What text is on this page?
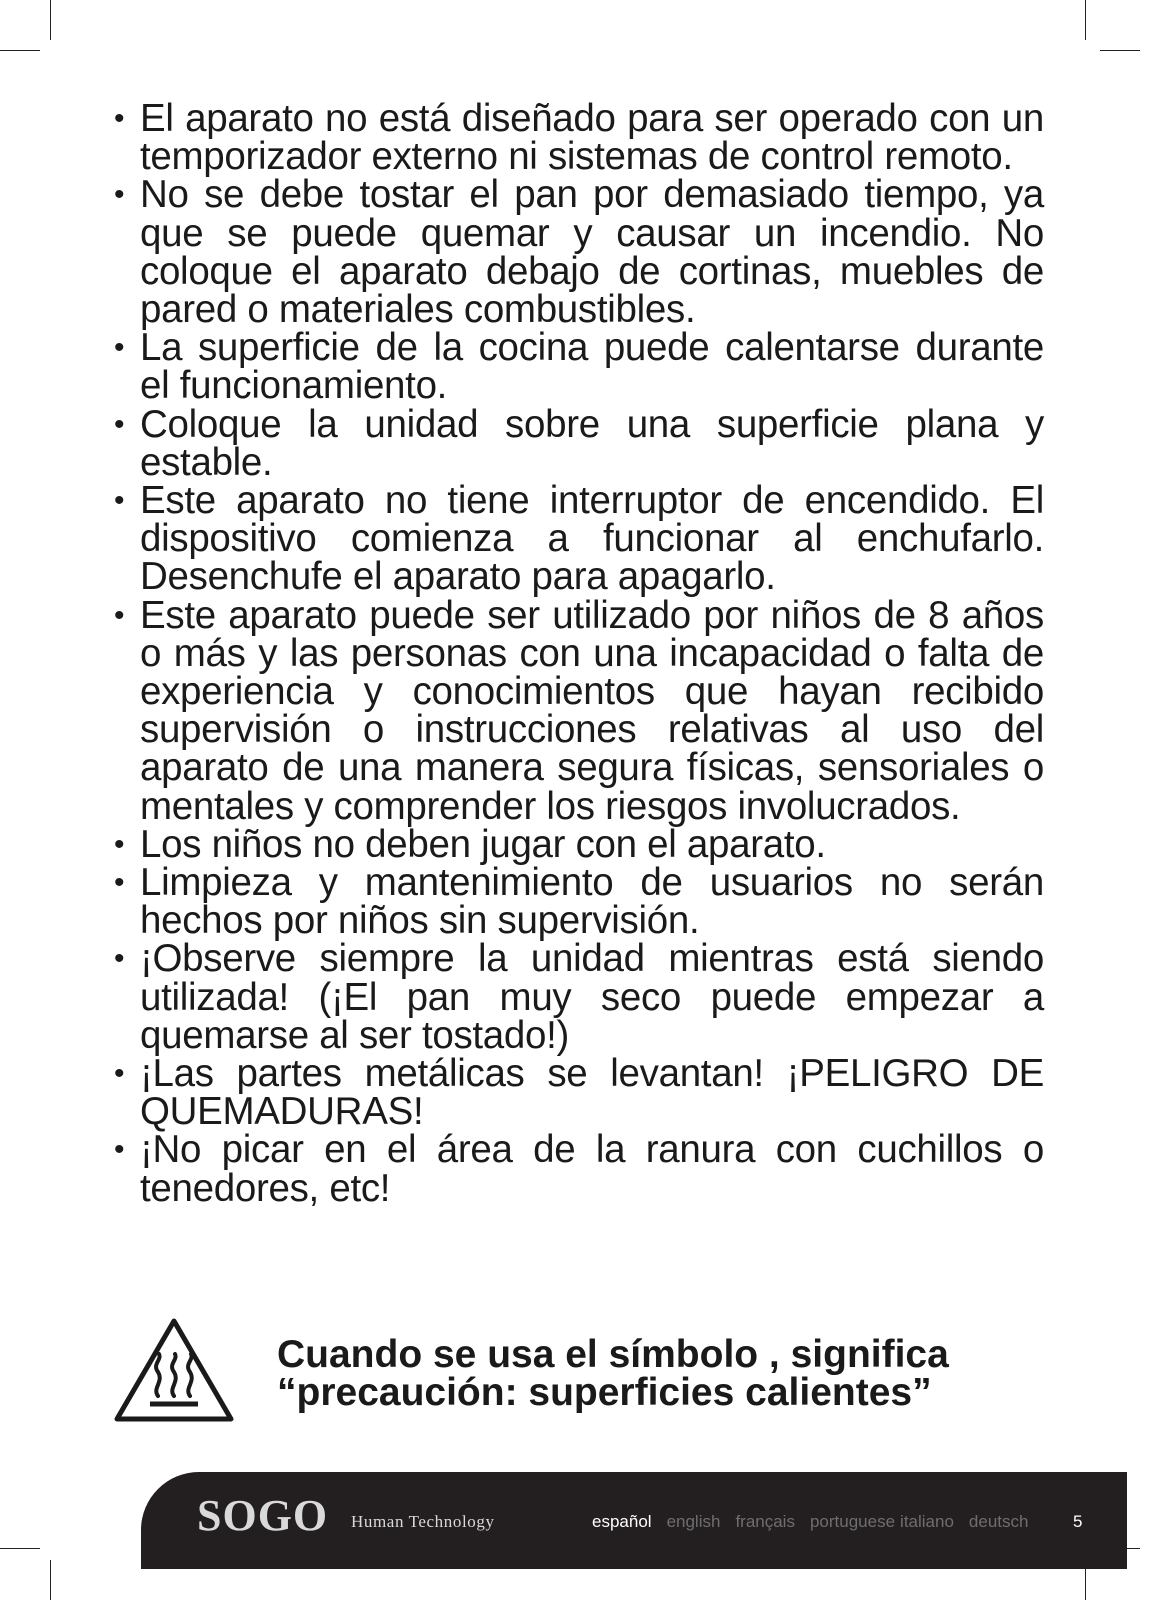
• El aparato no está diseñado para ser operado con un temporizador externo ni sistemas de control remoto.
• No se debe tostar el pan por demasiado tiempo, ya que se puede quemar y causar un incendio. No coloque el aparato debajo de cortinas, muebles de pared o materiales combustibles.
• La superficie de la cocina puede calentarse durante el funcionamiento.
• Coloque la unidad sobre una superficie plana y estable.
• Este aparato no tiene interruptor de encendido. El dispositivo comienza a funcionar al enchufarlo. Desenchufe el aparato para apagarlo.
• Este aparato puede ser utilizado por niños de 8 años o más y las personas con una incapacidad o falta de experiencia y conocimientos que hayan recibido supervisión o instrucciones relativas al uso del aparato de una manera segura físicas, sensoriales o mentales y comprender los riesgos involucrados.
• Los niños no deben jugar con el aparato.
• Limpieza y mantenimiento de usuarios no serán hechos por niños sin supervisión.
• ¡Observe siempre la unidad mientras está siendo utilizada! (¡El pan muy seco puede empezar a quemarse al ser tostado!)
• ¡Las partes metálicas se levantan! ¡PELIGRO DE QUEMADURAS!
• ¡No picar en el área de la ranura con cuchillos o tenedores, etc!
Cuando se usa el símbolo , significa
“precaución: superficies calientes”
SOGO Human Technology	español english français portuguese italiano deutsch	5
